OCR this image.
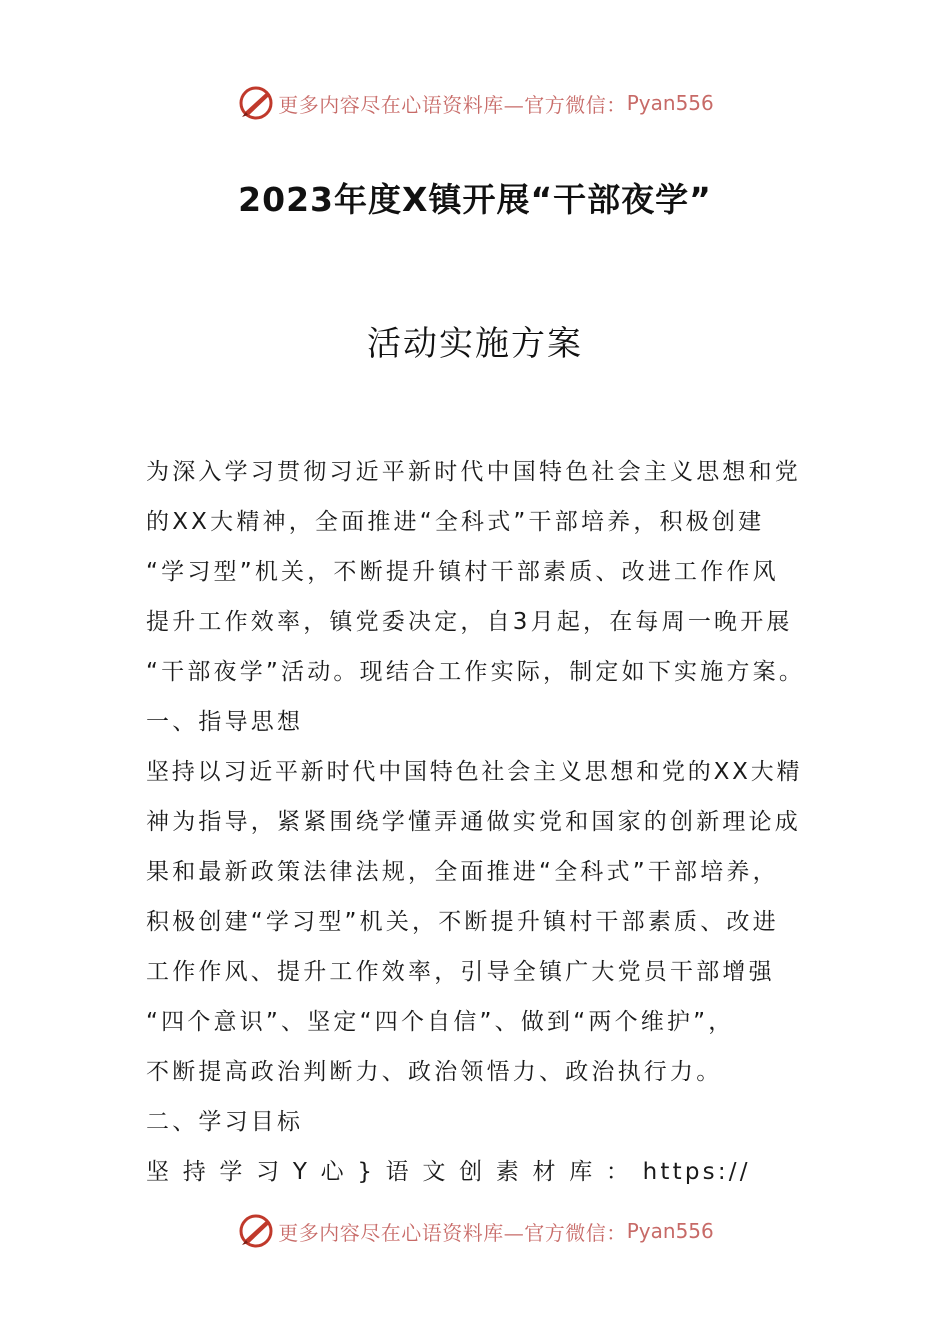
更多内容尽在心语资料库—官方微信： Pyan556
2023年度X镇开展“干部夜学”
活动实施方案
为深入学习贯彻习近平新时代中国特色社会主义思想和党
的XX大精神，全面推进“全科式”干部培养，积极创建
“学习型”机关，不断提升镇村干部素质、改进工作作风
提升工作效率，镇党委决定，自3月起，在每周一晚开展
“干部夜学”活动。现结合工作实际，制定如下实施方案。
一、指导思想
坚持以习近平新时代中国特色社会主义思想和党的XX大精
神为指导，紧紧围绕学懂弄通做实党和国家的创新理论成
果和最新政策法律法规，全面推进“全科式”干部培养，
积极创建“学习型”机关，不断提升镇村干部素质、改进
工作作风、提升工作效率，引导全镇广大党员干部增强
“四个意识”、坚定“四个自信”、做到“两个维护”，
不断提高政治判断力、政治领悟力、政治执行力。
二、学习目标
坚 持 学 习 Y 心 } 语 文 创 素 材 库 ： https://
更多内容尽在心语资料库—官方微信： Pyan556
